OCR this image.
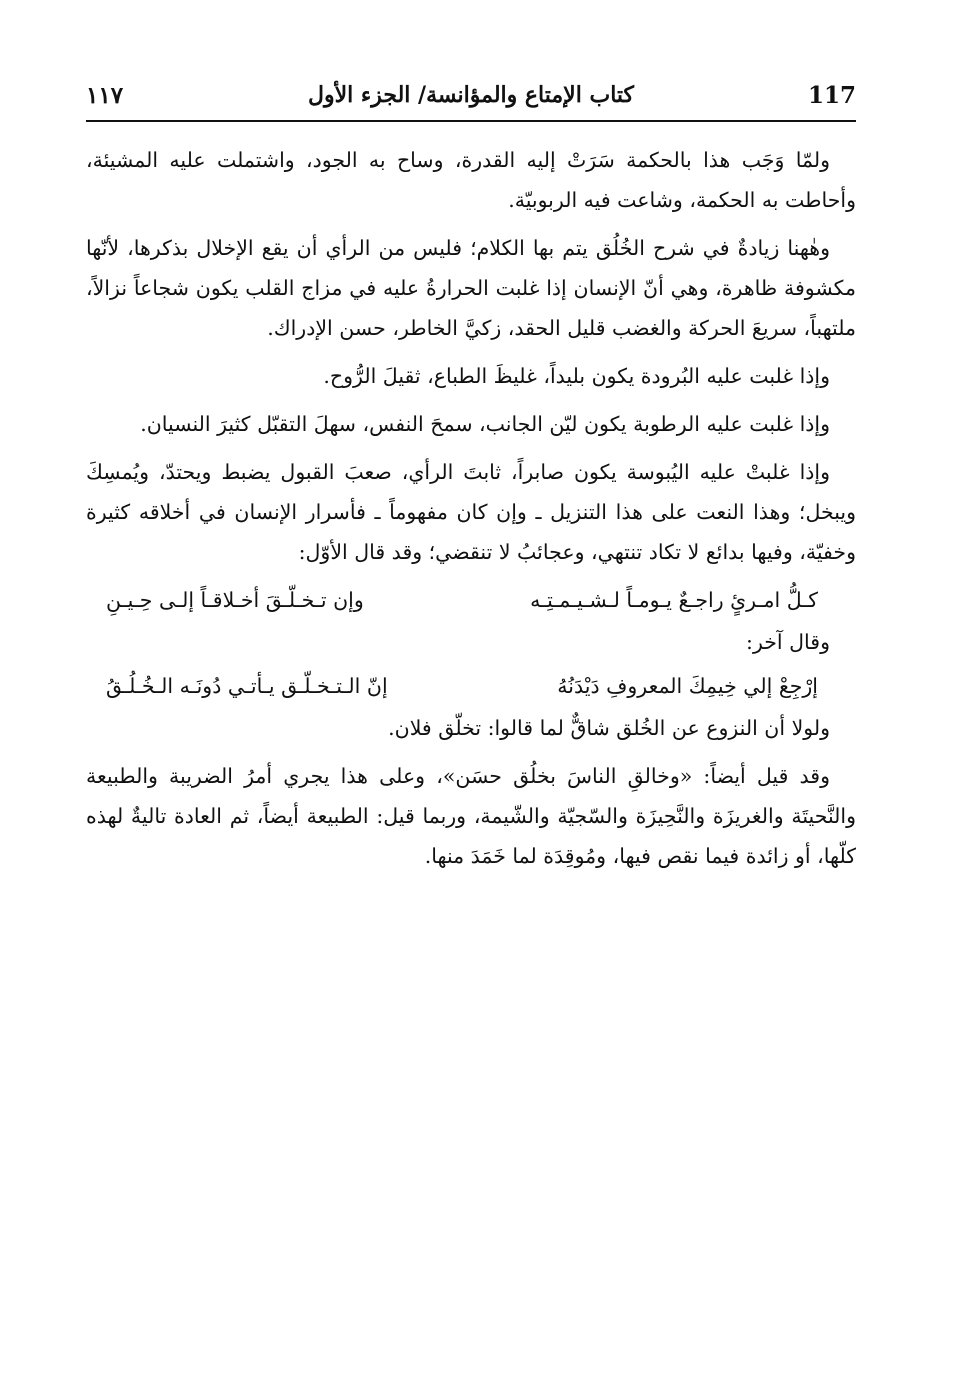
١١٧	كتاب الإمتاع والمؤانسة/ الجزء الأول	117

ولمّا وَجَب هذا بالحكمة سَرَتْ إليه القدرة، وساح به الجود، واشتملت عليه المشيئة، وأحاطت به الحكمة، وشاعت فيه الربوبيّة.

وهٰهنا زيادةٌ في شرح الخُلُق يتم بها الكلام؛ فليس من الرأي أن يقع الإخلال بذكرها، لأنّها مكشوفة ظاهرة، وهي أنّ الإنسان إذا غلبت الحرارةُ عليه في مزاج القلب يكون شجاعاً نزالاً، ملتهباً، سريعَ الحركة والغضب قليل الحقد، زكيَّ الخاطر، حسن الإدراك.

وإذا غلبت عليه البُرودة يكون بليداً، غليظَ الطباع، ثقيلَ الرُّوح.

وإذا غلبت عليه الرطوبة يكون ليّن الجانب، سمحَ النفس، سهلَ التقبّل كثيرَ النسيان.

وإذا غلبتْ عليه اليُبوسة يكون صابراً، ثابتَ الرأي، صعبَ القبول يضبط ويحتدّ، ويُمسِكَ ويبخل؛ وهذا النعت على هذا التنزيل ـ وإن كان مفهوماً ـ فأسرار الإنسان في أخلاقه كثيرة وخفيّة، وفيها بدائع لا تكاد تنتهي، وعجائبُ لا تنقضي؛ وقد قال الأوّل:

كـلُّ امـرئٍ راجـعٌ يـومـاً لـشـيـمـتِـه
وإن تـخـلّـقَ أخـلاقـاً إلـى حِـيـنِ
وقال آخر:
إرْجِعْ إلي خِيمِكَ المعروفِ دَيْدَنُهُ
إنّ الـتـخـلّـق يـأتـي دُونَـه الـخُـلُـقُ

ولولا أن النزوع عن الخُلق شاقٌّ لما قالوا: تخلّق فلان.

وقد قيل أيضاً: «وخالقِ الناسَ بخلُق حسَن»، وعلى هذا يجري أمرُ الضريبة والطبيعة والنَّحيتَة والغريزَة والنَّحِيزَة والسّجيّة والشّيمة، وربما قيل: الطبيعة أيضاً، ثم العادة تاليةٌ لهذه كلّها، أو زائدة فيما نقص فيها، ومُوقِدَة لما خَمَدَ منها.
